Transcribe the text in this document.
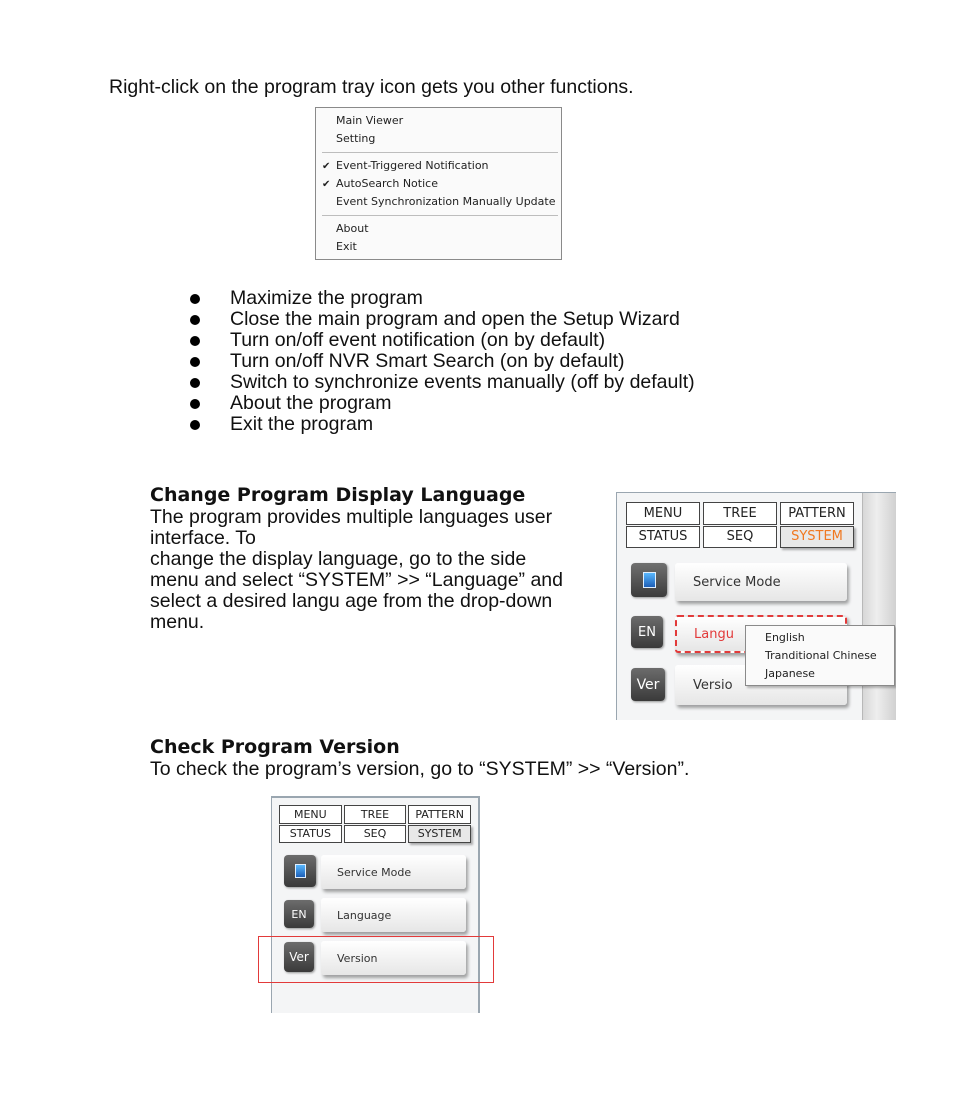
Right-click on the program tray icon gets you other functions.
Main Viewer
Setting
✔ Event-Triggered Notification
✔ AutoSearch Notice
Event Synchronization Manually Update
About
Exit
Maximize the program
Close the main program and open the Setup Wizard
Turn on/off event notification (on by default)
Turn on/off NVR Smart Search (on by default)
Switch to synchronize events manually (off by default)
About the program
Exit the program
Change Program Display Language
The program provides multiple languages user
interface. To
change the display language, go to the side
menu and select “SYSTEM” >> “Language” and
select a desired langu age from the drop-down
menu.
MENU	TREE	PATTERN
STATUS	SEQ	SYSTEM
Service Mode
EN	Langu
Ver	Versio
English
Tranditional Chinese
Japanese
Check Program Version
To check the program’s version, go to “SYSTEM” >> “Version”.
MENU	TREE	PATTERN
STATUS	SEQ	SYSTEM
Service Mode
EN	Language
Ver	Version
